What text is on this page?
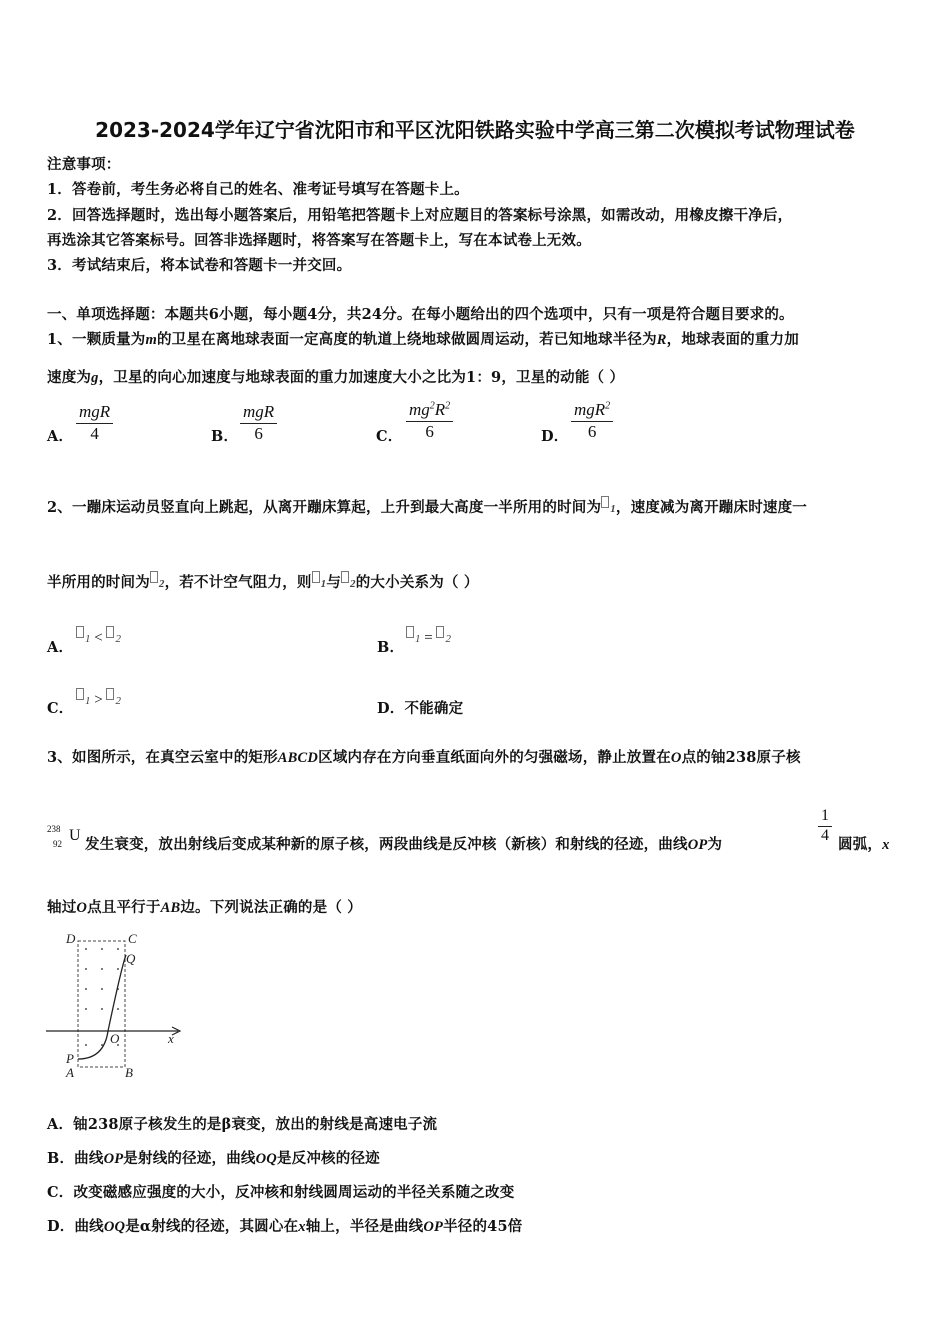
2023-2024学年辽宁省沈阳市和平区沈阳铁路实验中学高三第二次模拟考试物理试卷
注意事项：
1．答卷前，考生务必将自己的姓名、准考证号填写在答题卡上。
2．回答选择题时，选出每小题答案后，用铅笔把答题卡上对应题目的答案标号涂黑，如需改动，用橡皮擦干净后，
再选涂其它答案标号。回答非选择题时，将答案写在答题卡上，写在本试卷上无效。
3．考试结束后，将本试卷和答题卡一并交回。
一、单项选择题：本题共6小题，每小题4分，共24分。在每小题给出的四个选项中，只有一项是符合题目要求的。
1、一颗质量为m的卫星在离地球表面一定高度的轨道上绕地球做圆周运动，若已知地球半径为R，地球表面的重力加
速度为g，卫星的向心加速度与地球表面的重力加速度大小之比为1：9，卫星的动能（ ）
A．
mgR
4	B．
mgR
6	C． $\frac{mg^2R^2}{6}$	D．
mgR$^2$
6
2、一蹦床运动员竖直向上跳起，从离开蹦床算起，上升到最大高度一半所用的时间为 1，速度减为离开蹦床时速度一
半所用的时间为 2，若不计空气阻力，则 1与 2的大小关系为（ ）
A．	1 < 2	B． 1 = 2
C．	1 > 2	D．不能确定
3、如图所示，在真空云室中的矩形ABCD区域内存在方向垂直纸面向外的匀强磁场，静止放置在O点的铀238原子核
238
92 U
发生衰变，放出射线后变成某种新的原子核，两段曲线是反冲核（新核）和射线的径迹，曲线OP为	$\frac{1}{4}$ 圆弧，x
轴过O点且平行于AB边。下列说法正确的是（ ）
D	C
Q
O
P
A	B
x
A．铀238原子核发生的是β衰变，放出的射线是高速电子流
B．曲线OP是射线的径迹，曲线OQ是反冲核的径迹
C．改变磁感应强度的大小，反冲核和射线圆周运动的半径关系随之改变
D．曲线OQ是α射线的径迹，其圆心在x轴上，半径是曲线OP半径的45倍
